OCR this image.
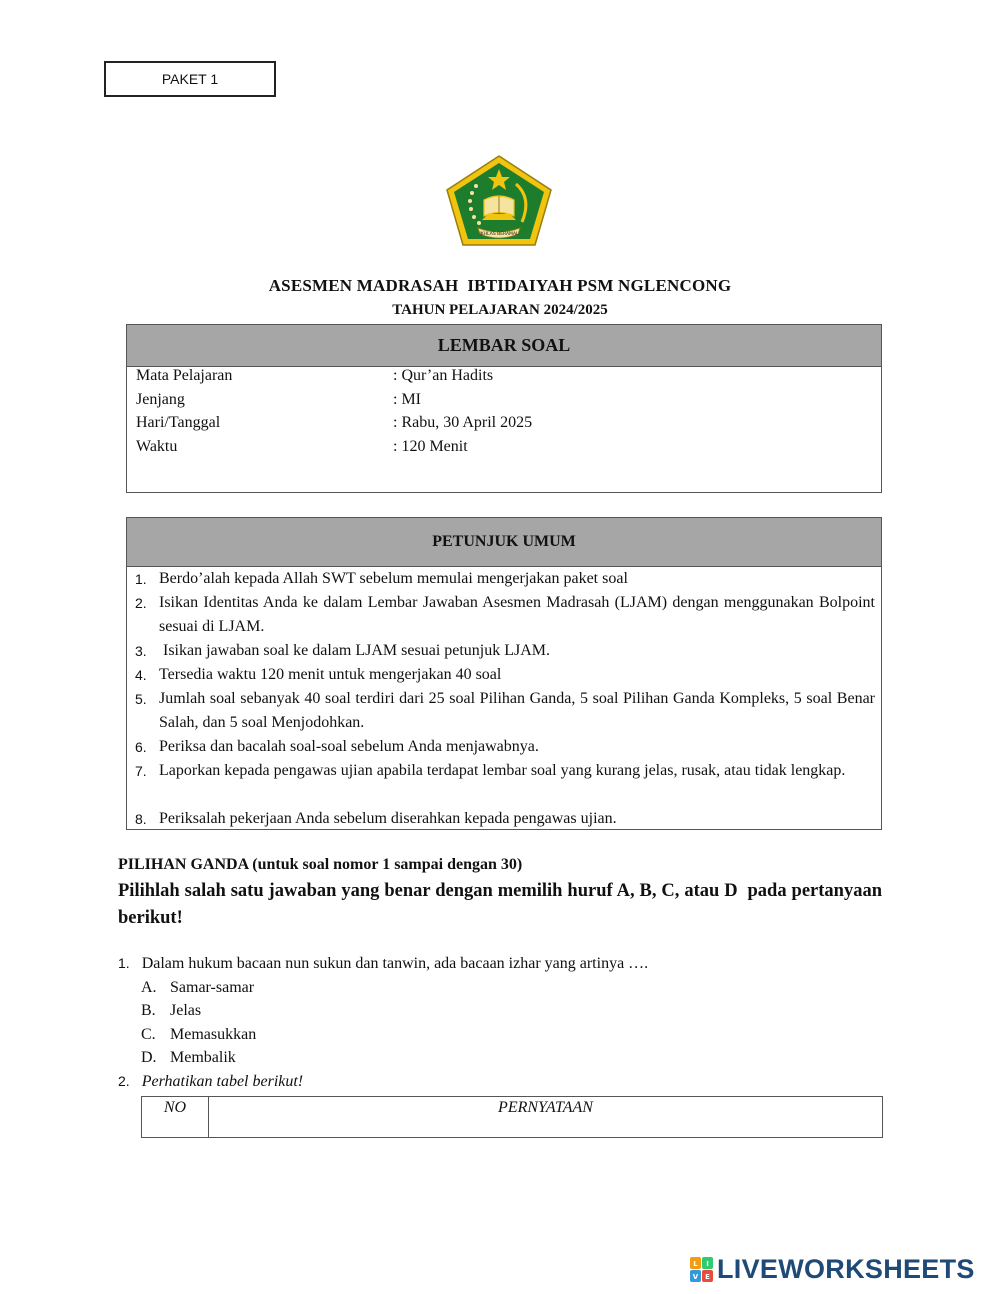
PAKET 1
IKHLAS BERAMAL
ASESMEN MADRASAH  IBTIDAIYAH PSM NGLENCONG
TAHUN PELAJARAN 2024/2025
LEMBAR SOAL
Mata Pelajaran	: Qur’an Hadits
Jenjang	: MI
Hari/Tanggal	: Rabu, 30 April 2025
Waktu	: 120 Menit
PETUNJUK UMUM
1. Berdo’alah kepada Allah SWT sebelum memulai mengerjakan paket soal
2. Isikan Identitas Anda ke dalam Lembar Jawaban Asesmen Madrasah (LJAM) dengan menggunakan Bolpoint sesuai di LJAM.
3. Isikan jawaban soal ke dalam LJAM sesuai petunjuk LJAM.
4. Tersedia waktu 120 menit untuk mengerjakan 40 soal
5. Jumlah soal sebanyak 40 soal terdiri dari 25 soal Pilihan Ganda, 5 soal Pilihan Ganda Kompleks, 5 soal Benar Salah, dan 5 soal Menjodohkan.
6. Periksa dan bacalah soal-soal sebelum Anda menjawabnya.
7. Laporkan kepada pengawas ujian apabila terdapat lembar soal yang kurang jelas, rusak, atau tidak lengkap.
8. Periksalah pekerjaan Anda sebelum diserahkan kepada pengawas ujian.
PILIHAN GANDA (untuk soal nomor 1 sampai dengan 30)
Pilihlah salah satu jawaban yang benar dengan memilih huruf A, B, C, atau D  pada pertanyaan berikut!
1. Dalam hukum bacaan nun sukun dan tanwin, ada bacaan izhar yang artinya ….
A. Samar-samar
B. Jelas
C. Memasukkan
D. Membalik
2. Perhatikan tabel berikut!
NO	PERNYATAAN
L I
V E LIVEWORKSHEETS
